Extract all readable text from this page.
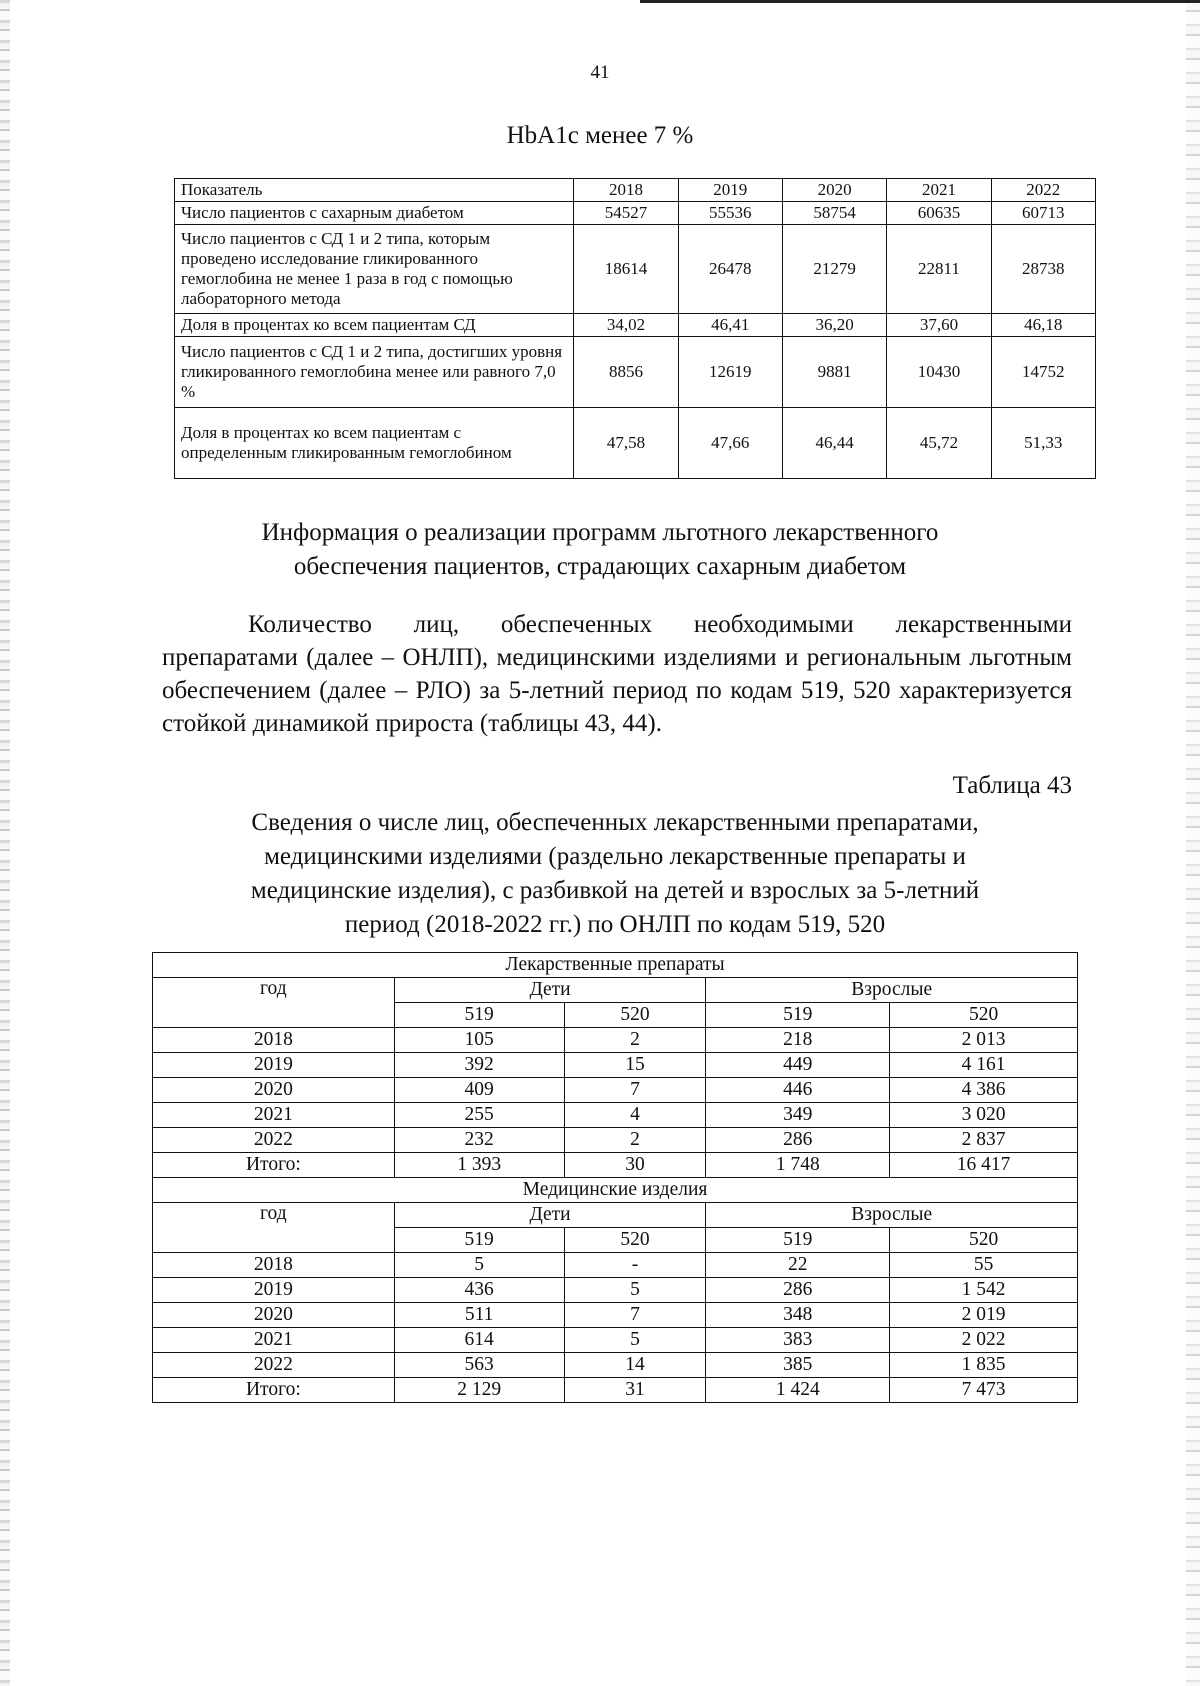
41
HbA1c менее 7 %
Показатель	2018	2019	2020	2021	2022
Число пациентов с сахарным диабетом	54527	55536	58754	60635	60713
Число пациентов с СД 1 и 2 типа, которым проведено исследование гликированного гемоглобина не менее 1 раза в год с помощью лабораторного метода	18614	26478	21279	22811	28738
Доля в процентах ко всем пациентам СД	34,02	46,41	36,20	37,60	46,18
Число пациентов с СД 1 и 2 типа, достигших уровня гликированного гемоглобина менее или равного 7,0 %	8856	12619	9881	10430	14752
Доля в процентах ко всем пациентам с определенным гликированным гемоглобином	47,58	47,66	46,44	45,72	51,33
Информация о реализации программ льготного лекарственного
обеспечения пациентов, страдающих сахарным диабетом
Количество лиц, обеспеченных необходимыми лекарственными препаратами (далее – ОНЛП), медицинскими изделиями и региональным льготным обеспечением (далее – РЛО) за 5-летний период по кодам 519, 520 характеризуется стойкой динамикой прироста (таблицы 43, 44).
Таблица 43
Сведения о числе лиц, обеспеченных лекарственными препаратами,
медицинскими изделиями (раздельно лекарственные препараты и
медицинские изделия), с разбивкой на детей и взрослых за 5-летний
период (2018-2022 гг.) по ОНЛП по кодам 519, 520
Лекарственные препараты				
год	Дети		Взрослые	
	519	520	519	520
2018	105	2	218	2 013
2019	392	15	449	4 161
2020	409	7	446	4 386
2021	255	4	349	3 020
2022	232	2	286	2 837
Итого:	1 393	30	1 748	16 417
Медицинские изделия				
год	Дети		Взрослые	
	519	520	519	520
2018	5	-	22	55
2019	436	5	286	1 542
2020	511	7	348	2 019
2021	614	5	383	2 022
2022	563	14	385	1 835
Итого:	2 129	31	1 424	7 473
